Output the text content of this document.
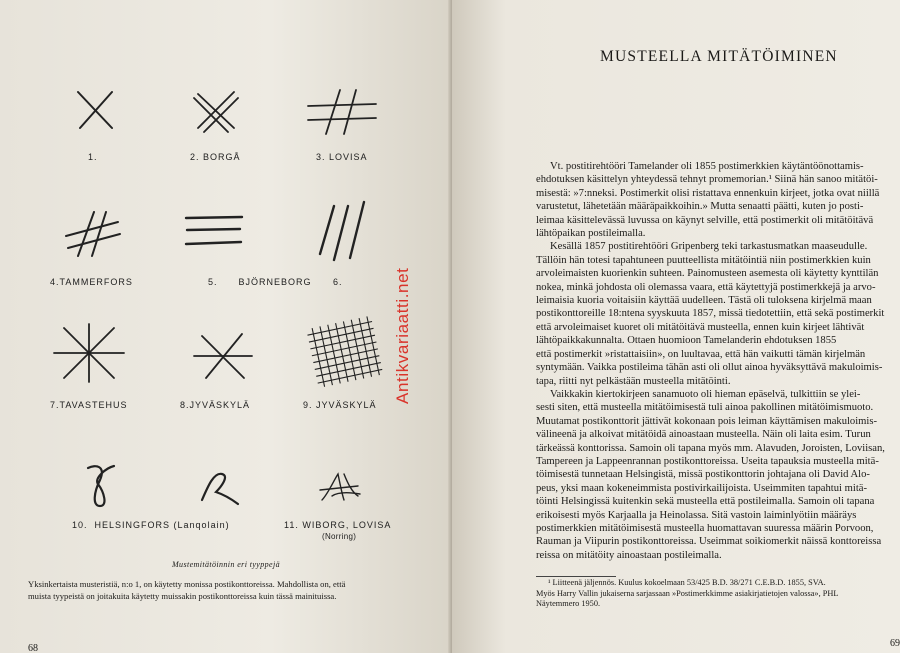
1.	2. BORGÅ	3. LOVISA
4.TAMMERFORS	5. BJÖRNEBORG 6.
7.TAVASTEHUS	8.JYVÄSKYLÄ	9. JYVÄSKYLÄ
10. HELSINGFORS (Lanqolain)	11. WIBORG, LOVISA
(Norring)
Mustemitätöinnin eri tyyppejä
Yksinkertaista musteristiä, n:o 1, on käytetty monissa postikonttoreissa. Mahdollista on, että
muista tyypeistä on joitakuita käytetty muissakin postikonttoreissa kuin tässä mainituissa.
68
MUSTEELLA MITÄTÖIMINEN

Vt. postitirehtööri Tamelander oli 1855 postimerkkien käytäntöönottamis-

ehdotuksen käsittelyn yhteydessä tehnyt promemorian.¹ Siinä hän sanoo mitätöi-

misestä: »7:nneksi. Postimerkit olisi ristattava ennenkuin kirjeet, jotka ovat niillä

varustetut, lähetetään määräpaikkoihin.» Mutta senaatti päätti, kuten jo posti-

leimaa käsittelevässä luvussa on käynyt selville, että postimerkit oli mitätöitävä

lähtöpaikan postileimalla.

Kesällä 1857 postitirehtööri Gripenberg teki tarkastusmatkan maaseudulle.

Tällöin hän totesi tapahtuneen puutteellista mitätöintiä niin postimerkkien kuin

arvoleimaisten kuorienkin suhteen. Painomusteen asemesta oli käytetty kynttilän

nokea, minkä johdosta oli olemassa vaara, että käytettyjä postimerkkejä ja arvo-

leimaisia kuoria voitaisiin käyttää uudelleen. Tästä oli tuloksena kirjelmä maan

postikonttoreille 18:ntena syyskuuta 1857, missä tiedotettiin, että sekä postimerkit

että arvoleimaiset kuoret oli mitätöitävä musteella, ennen kuin kirjeet lähtivät

lähtöpaikkakunnalta. Ottaen huomioon Tamelanderin ehdotuksen 1855

että postimerkit »ristattaisiin», on luultavaa, että hän vaikutti tämän kirjelmän

syntymään. Vaikka postileima tähän asti oli ollut ainoa hyväksyttävä makuloimis-

tapa, riitti nyt pelkästään musteella mitätöinti.

Vaikkakin kiertokirjeen sanamuoto oli hieman epäselvä, tulkittiin se ylei-

sesti siten, että musteella mitätöimisestä tuli ainoa pakollinen mitätöimismuoto.

Muutamat postikonttorit jättivät kokonaan pois leiman käyttämisen makuloimis-

välineenä ja alkoivat mitätöidä ainoastaan musteella. Näin oli laita esim. Turun

tärkeässä konttorissa. Samoin oli tapana myös mm. Alavuden, Joroisten, Loviisan,

Tampereen ja Lappeenrannan postikonttoreissa. Useita tapauksia musteella mitä-

töimisestä tunnetaan Helsingistä, missä postikonttorin johtajana oli David Alo-

peus, yksi maan kokeneimmista postivirkailijoista. Useimmiten tapahtui mitä-

töinti Helsingissä kuitenkin sekä musteella että postileimalla. Samoin oli tapana

erikoisesti myös Karjaalla ja Heinolassa. Sitä vastoin laiminlyötiin määräys

postimerkkien mitätöimisestä musteella huomattavan suuressa määrin Porvoon,

Rauman ja Viipurin postikonttoreissa. Useimmat soikiomerkit näissä konttoreissa

reissa on mitätöity ainoastaan postileimalla.

¹ Liitteenä jäljennös. Kuulus kokoelmaan 53/425 B.D. 38/271 C.E.B.D. 1855, SVA.
Myös Harry Vallin jukaiserna sarjassaan »Postimerkkimme asiakirjatietojen valossa», PHL
Näytemmero 1950.
69
Antikvariaatti.net
